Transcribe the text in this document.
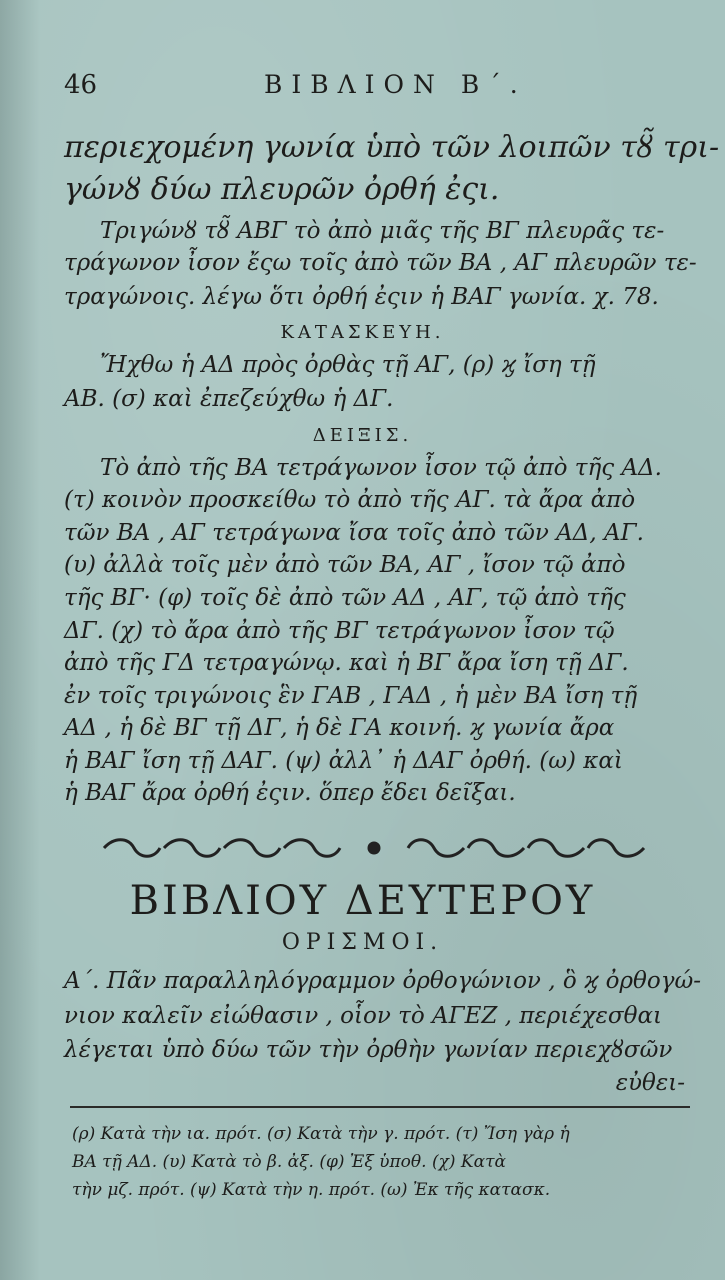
46	ΒΙΒΛΙΟΝ Β΄.
περιεχομένη γωνία ὑπὸ τῶν λοιπῶν τȣ̃ τρι-
γώνȣ δύω πλευρῶν ὀρθή ἐςι.
Τριγώνȣ τȣ̃ ΑΒΓ τὸ ἀπὸ μιᾶς τῆς ΒΓ πλευρᾶς τε-
τράγωνον ἶσον ἔςω τοῖς ἀπὸ τῶν ΒΑ , ΑΓ πλευρῶν τε-
τραγώνοις. λέγω ὅτι ὀρθή ἐςιν ἡ ΒΑΓ γωνία. χ. 78.
ΚΑΤΑΣΚΕΥΗ.
Ἤχθω ἡ ΑΔ πρὸς ὀρθὰς τῇ ΑΓ, (ρ) ϗ ἴση τῇ
ΑΒ. (σ) καὶ ἐπεζεύχθω ἡ ΔΓ.
ΔΕΙΞΙΣ.
Τὸ ἀπὸ τῆς ΒΑ τετράγωνον ἶσον τῷ ἀπὸ τῆς ΑΔ.
(τ) κοινὸν προσκείθω τὸ ἀπὸ τῆς ΑΓ. τὰ ἄρα ἀπὸ
τῶν ΒΑ , ΑΓ τετράγωνα ἴσα τοῖς ἀπὸ τῶν ΑΔ, ΑΓ.
(υ) ἀλλὰ τοῖς μὲν ἀπὸ τῶν ΒΑ, ΑΓ , ἴσον τῷ ἀπὸ
τῆς ΒΓ· (φ) τοῖς δὲ ἀπὸ τῶν ΑΔ , ΑΓ, τῷ ἀπὸ τῆς
ΔΓ. (χ) τὸ ἄρα ἀπὸ τῆς ΒΓ τετράγωνον ἶσον τῷ
ἀπὸ τῆς ΓΔ τετραγώνῳ. καὶ ἡ ΒΓ ἄρα ἴση τῇ ΔΓ.
ἐν τοῖς τριγώνοις ἓν ΓΑΒ , ΓΑΔ , ἡ μὲν ΒΑ ἴση τῇ
ΑΔ , ἡ δὲ ΒΓ τῇ ΔΓ, ἡ δὲ ΓΑ κοινή. ϗ γωνία ἄρα
ἡ ΒΑΓ ἴση τῇ ΔΑΓ. (ψ) ἀλλ᾽ ἡ ΔΑΓ ὀρθή. (ω) καὶ
ἡ ΒΑΓ ἄρα ὀρθή ἐςιν. ὅπερ ἔδει δεῖξαι.
ΒΙΒΛΙΟΥ ΔΕΥΤΕΡΟΥ
ΟΡΙΣΜΟΙ.
Α΄. Πᾶν παραλληλόγραμμον ὀρθογώνιον , ὃ ϗ ὀρθογώ-
νιον καλεῖν εἰώθασιν , οἷον τὸ ΑΓΕΖ , περιέχεσθαι
λέγεται ὑπὸ δύω τῶν τὴν ὀρθὴν γωνίαν περιεχȣσῶν
εὐθει-
(ρ) Κατὰ τὴν ια. πρότ. (σ) Κατὰ τὴν γ. πρότ. (τ) Ἴση γὰρ ἡ
ΒΑ τῇ ΑΔ. (υ) Κατὰ τὸ β. ἀξ. (φ) Ἐξ ὑποθ. (χ) Κατὰ
τὴν μζ. πρότ. (ψ) Κατὰ τὴν η. πρότ. (ω) Ἐκ τῆς κατασκ.
